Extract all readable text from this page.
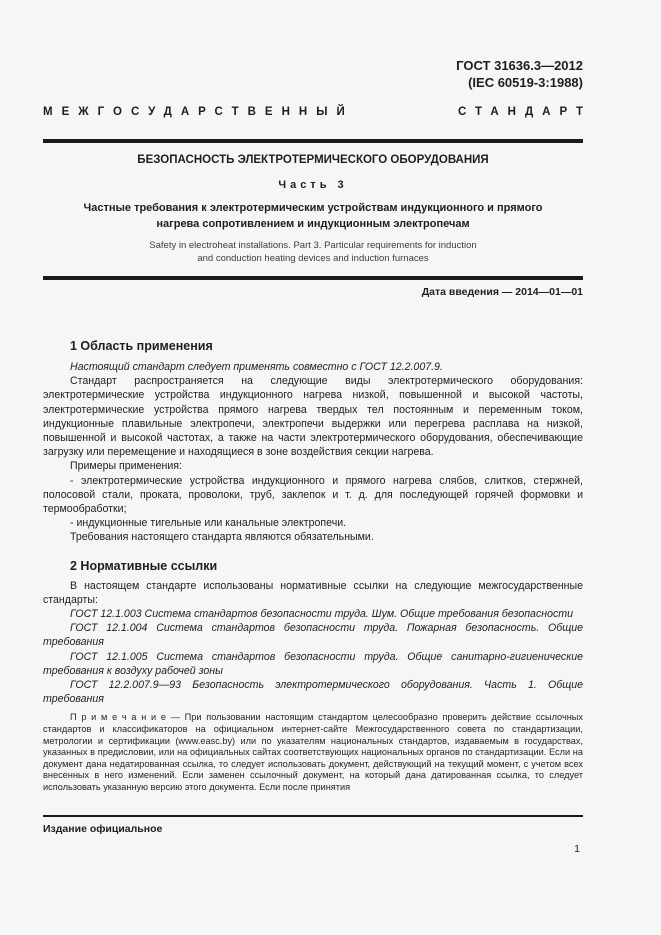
ГОСТ 31636.3—2012
(IEC 60519-3:1988)
МЕЖГОСУДАРСТВЕННЫЙ	СТАНДАРТ
БЕЗОПАСНОСТЬ ЭЛЕКТРОТЕРМИЧЕСКОГО ОБОРУДОВАНИЯ
Часть 3
Частные требования к электротермическим устройствам индукционного и прямого нагрева сопротивлением и индукционным электропечам
Safety in electroheat installations. Part 3. Particular requirements for induction
and conduction heating devices and induction furnaces
Дата введения — 2014—01—01

1 Область применения

Настоящий стандарт следует применять совместно с ГОСТ 12.2.007.9.

Стандарт распространяется на следующие виды электротермического оборудования: электротермические устройства индукционного нагрева низкой, повышенной и высокой частоты, электротермические устройства прямого нагрева твердых тел постоянным и переменным током, индукционные плавильные электропечи, электропечи выдержки или перегрева расплава на низкой, повышенной и высокой частотах, а также на части электротермического оборудования, обеспечивающие загрузку или перемещение и находящиеся в зоне воздействия секции нагрева.

Примеры применения:

- электротермические устройства индукционного и прямого нагрева слябов, слитков, стержней, полосовой стали, проката, проволоки, труб, заклепок и т. д. для последующей горячей формовки и термообработки;

- индукционные тигельные или канальные электропечи.

Требования настоящего стандарта являются обязательными.

2 Нормативные ссылки

В настоящем стандарте использованы нормативные ссылки на следующие межгосударственные стандарты:

ГОСТ 12.1.003 Система стандартов безопасности труда. Шум. Общие требования безопасности

ГОСТ 12.1.004 Система стандартов безопасности труда. Пожарная безопасность. Общие требования

ГОСТ 12.1.005 Система стандартов безопасности труда. Общие санитарно-гигиенические требования к воздуху рабочей зоны

ГОСТ 12.2.007.9—93 Безопасность электротермического оборудования. Часть 1. Общие требования

П р и м е ч а н и е — При пользовании настоящим стандартом целесообразно проверить действие ссылочных стандартов и классификаторов на официальном интернет-сайте Межгосударственного совета по стандартизации, метрологии и сертификации (www.easc.by) или по указателям национальных стандартов, издаваемым в государствах, указанных в предисловии, или на официальных сайтах соответствующих национальных органов по стандартизации. Если на документ дана недатированная ссылка, то следует использовать документ, действующий на текущий момент, с учетом всех внесенных в него изменений. Если заменен ссылочный документ, на который дана датированная ссылка, то следует использовать указанную версию этого документа. Если после принятия

Издание официальное
1
